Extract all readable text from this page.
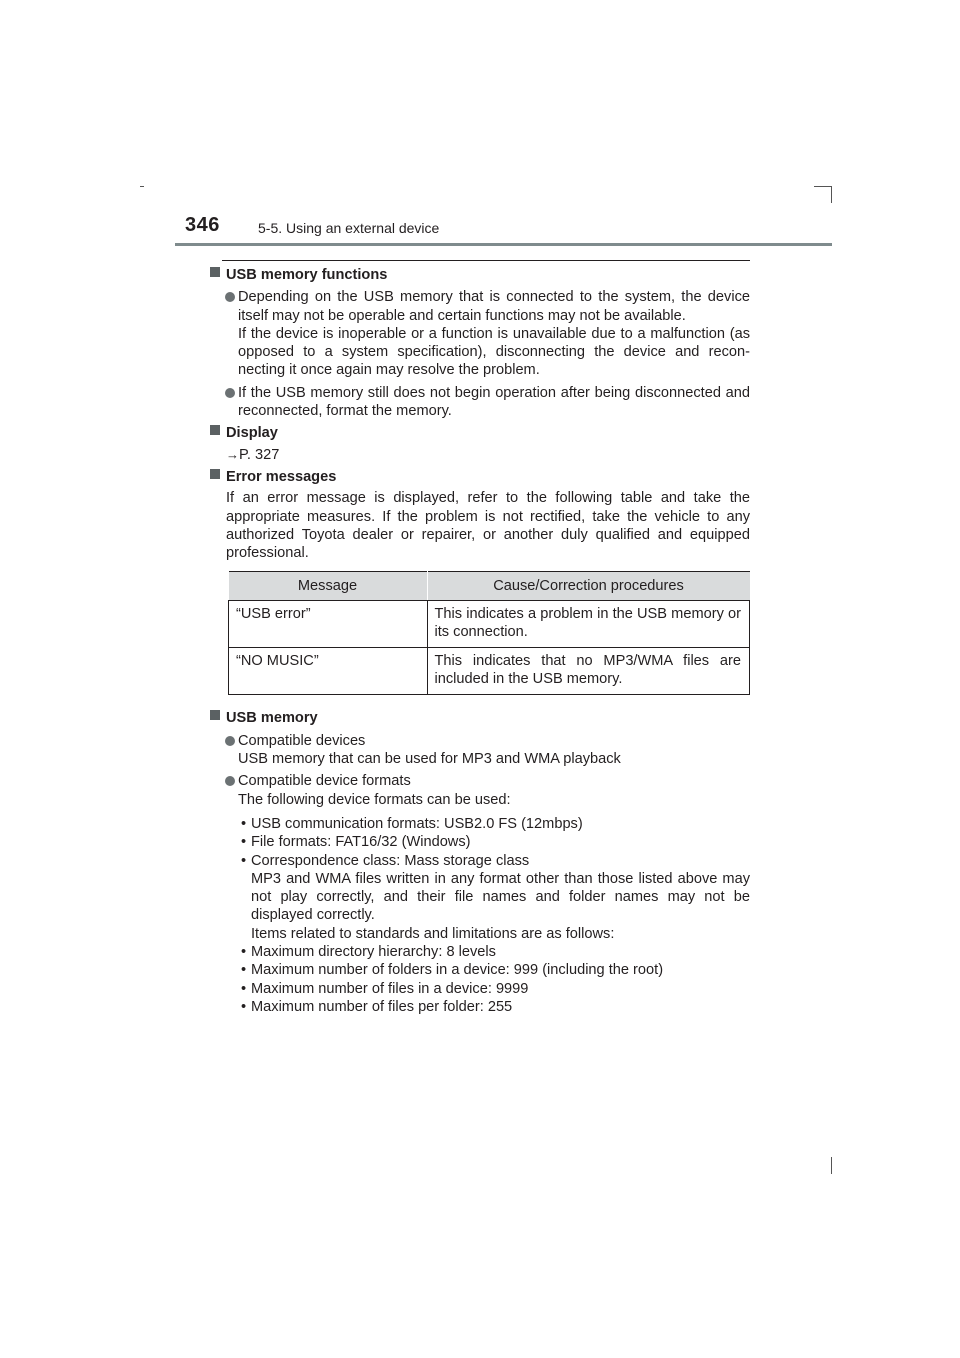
346	5-5. Using an external device
USB memory functions
Depending on the USB memory that is connected to the system, the device itself may not be operable and certain functions may not be available.
If the device is inoperable or a function is unavailable due to a malfunction (as opposed to a system specification), disconnecting the device and recon-necting it once again may resolve the problem.
If the USB memory still does not begin operation after being disconnected and reconnected, format the memory.
Display
→P. 327
Error messages
If an error message is displayed, refer to the following table and take the appropriate measures. If the problem is not rectified, take the vehicle to any authorized Toyota dealer or repairer, or another duly qualified and equipped professional.
Message	Cause/Correction procedures
“USB error”	This indicates a problem in the USB memory or its connection.
“NO MUSIC”	This indicates that no MP3/WMA files are included in the USB memory.
USB memory
Compatible devices
USB memory that can be used for MP3 and WMA playback
Compatible device formats
The following device formats can be used:
• USB communication formats: USB2.0 FS (12mbps)
• File formats: FAT16/32 (Windows)
• Correspondence class: Mass storage class
MP3 and WMA files written in any format other than those listed above may not play correctly, and their file names and folder names may not be displayed correctly.
Items related to standards and limitations are as follows:
• Maximum directory hierarchy: 8 levels
• Maximum number of folders in a device: 999 (including the root)
• Maximum number of files in a device: 9999
• Maximum number of files per folder: 255
